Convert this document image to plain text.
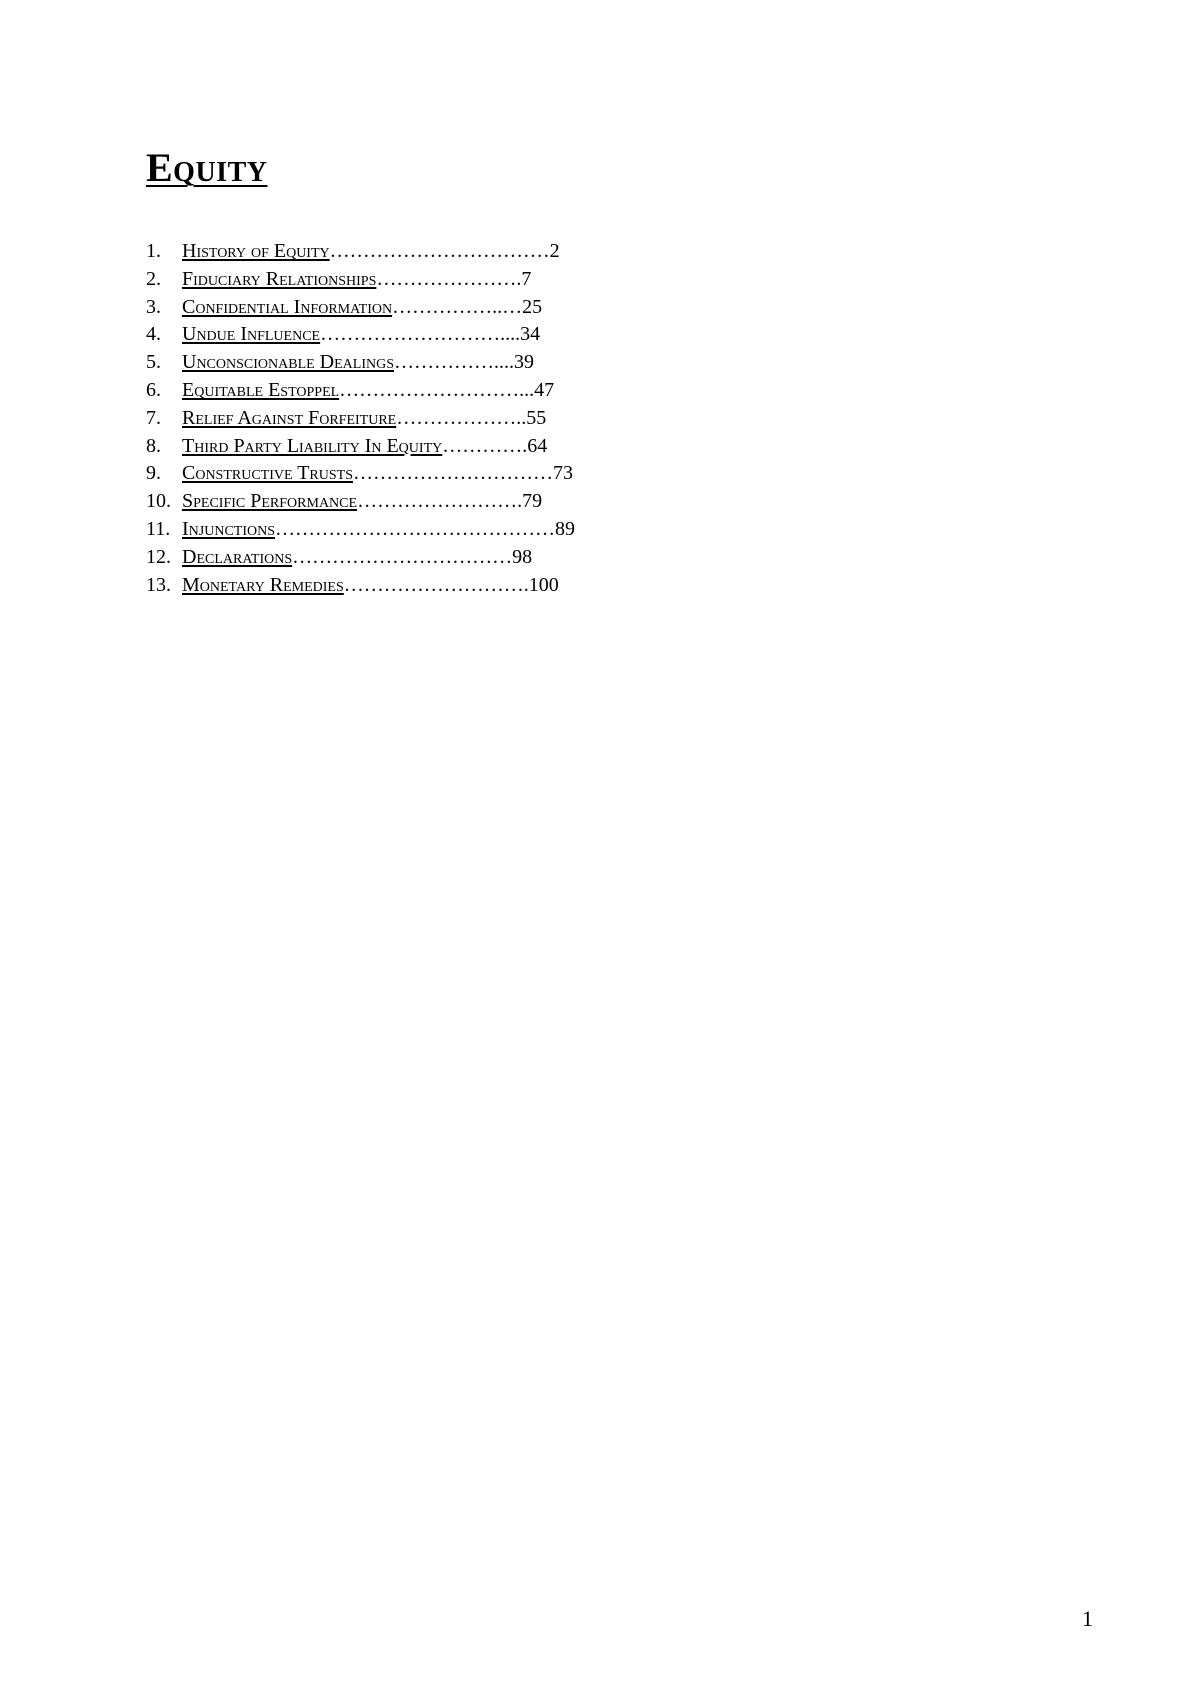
Equity
1.	History of Equity …………………………… 2
2.	Fiduciary Relationships …………………. 7
3.	Confidential Information ……………..… 25
4.	Undue Influence ……………………….... 34
5.	Unconscionable Dealings …………….... 39
6.	Equitable Estoppel ………………………... 47
7.	Relief Against Forfeiture ……………….. 55
8.	Third Party Liability In Equity …………. 64
9.	Constructive Trusts ………………………… 73
10. Specific Performance ……………………. 79
11. Injunctions …………………………………… 89
12. Declarations …………………………… 98
13. Monetary Remedies ………………………. 100
1
